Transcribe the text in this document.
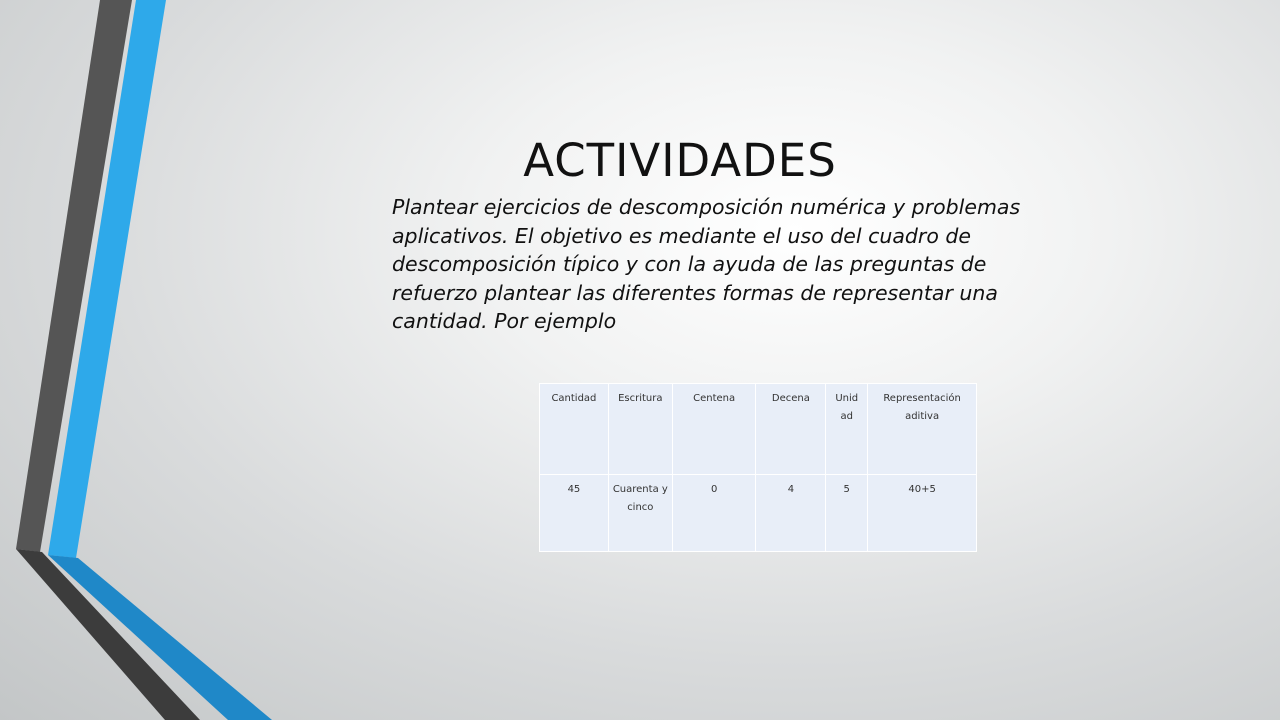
ACTIVIDADES

Plantear ejercicios de descomposición numérica y problemas aplicativos. El objetivo es mediante el uso del cuadro de descomposición típico y con la ayuda de las preguntas de refuerzo plantear las diferentes formas de representar una cantidad. Por ejemplo

Cantidad	Escritura	Centena	Decena	Unid ad	Representación aditiva
45	Cuarenta y cinco	0	4	5	40+5
